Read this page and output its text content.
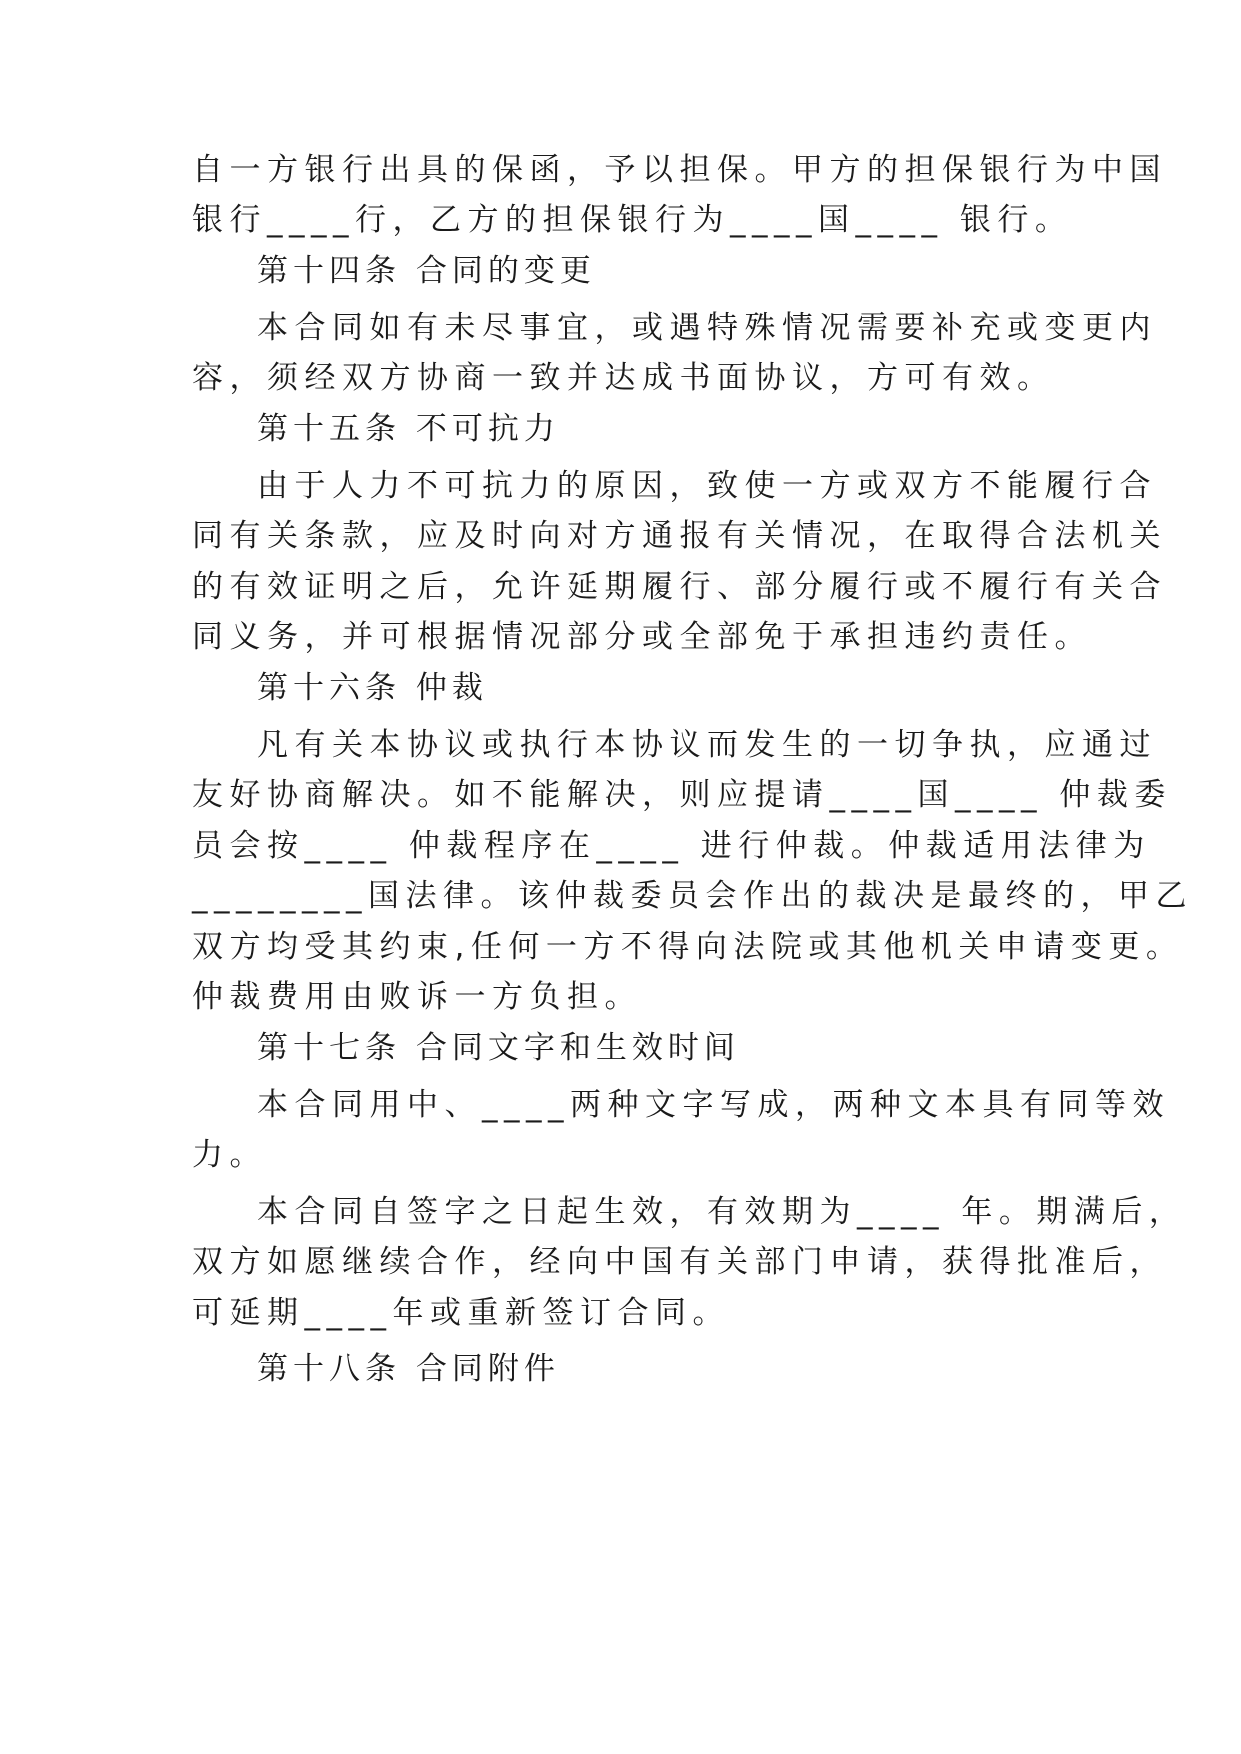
自一方银行出具的保函，予以担保。甲方的担保银行为中国
银行____行，乙方的担保银行为____国____ 银行。
第十四条 合同的变更
本合同如有未尽事宜，或遇特殊情况需要补充或变更内
容，须经双方协商一致并达成书面协议，方可有效。
第十五条 不可抗力
由于人力不可抗力的原因，致使一方或双方不能履行合
同有关条款，应及时向对方通报有关情况，在取得合法机关
的有效证明之后，允许延期履行、部分履行或不履行有关合
同义务，并可根据情况部分或全部免于承担违约责任。
第十六条 仲裁
凡有关本协议或执行本协议而发生的一切争执，应通过
友好协商解决。如不能解决，则应提请____国____ 仲裁委
员会按____ 仲裁程序在____ 进行仲裁。仲裁适用法律为
________国法律。该仲裁委员会作出的裁决是最终的，甲乙
双方均受其约束,任何一方不得向法院或其他机关申请变更。
仲裁费用由败诉一方负担。
第十七条 合同文字和生效时间
本合同用中、____两种文字写成，两种文本具有同等效
力。
本合同自签字之日起生效，有效期为____ 年。期满后，
双方如愿继续合作，经向中国有关部门申请，获得批准后，
可延期____年或重新签订合同。
第十八条 合同附件
